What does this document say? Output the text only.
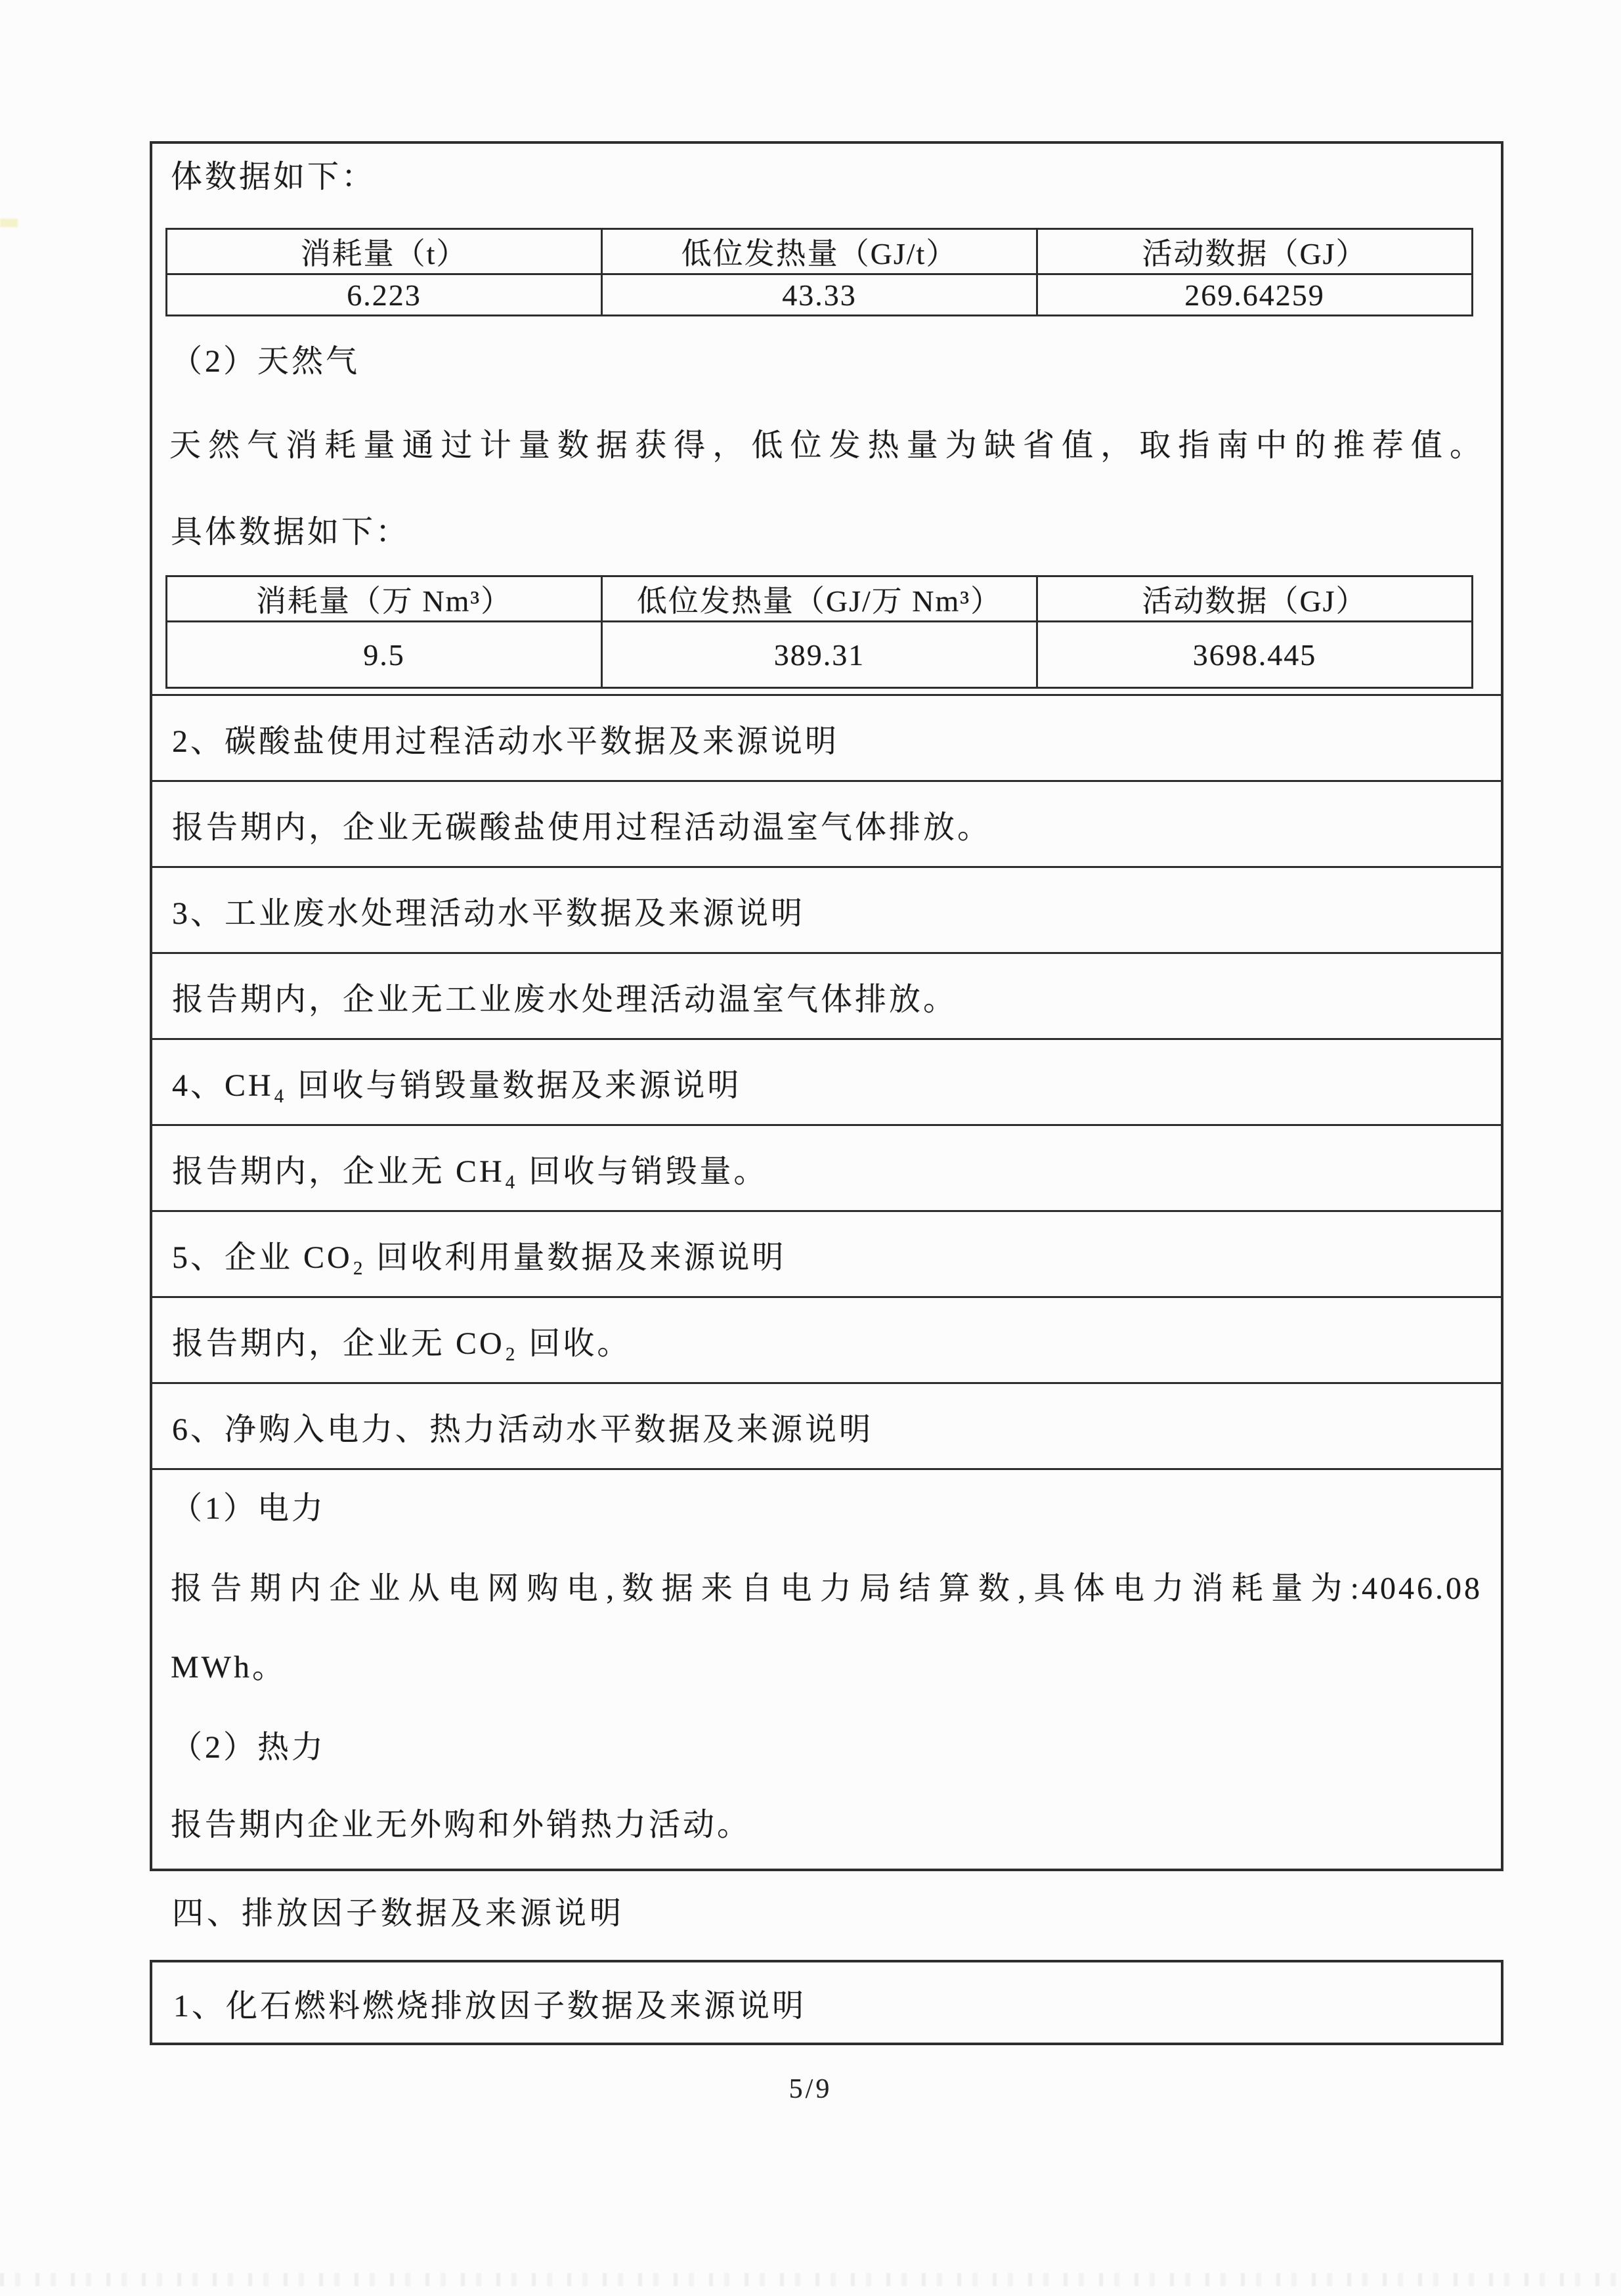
体数据如下：

消耗量（t）	低位发热量（GJ/t）	活动数据（GJ）
6.223	43.33	269.64259

（2）天然气

天然气消耗量通过计量数据获得，低位发热量为缺省值，取指南中的推荐值。

具体数据如下：

消耗量（万 Nm³）	低位发热量（GJ/万 Nm³）	活动数据（GJ）
9.5	389.31	3698.445
2、碳酸盐使用过程活动水平数据及来源说明
报告期内，企业无碳酸盐使用过程活动温室气体排放。
3、工业废水处理活动水平数据及来源说明
报告期内，企业无工业废水处理活动温室气体排放。
4、CH₄ 回收与销毁量数据及来源说明
报告期内，企业无 CH₄ 回收与销毁量。
5、企业 CO₂ 回收利用量数据及来源说明
报告期内，企业无 CO₂ 回收。
6、净购入电力、热力活动水平数据及来源说明

（1）电力

报告期内企业从电网购电,数据来自电力局结算数,具体电力消耗量为:4046.08

MWh。

（2）热力

报告期内企业无外购和外销热力活动。

四、排放因子数据及来源说明
1、化石燃料燃烧排放因子数据及来源说明
5/9
